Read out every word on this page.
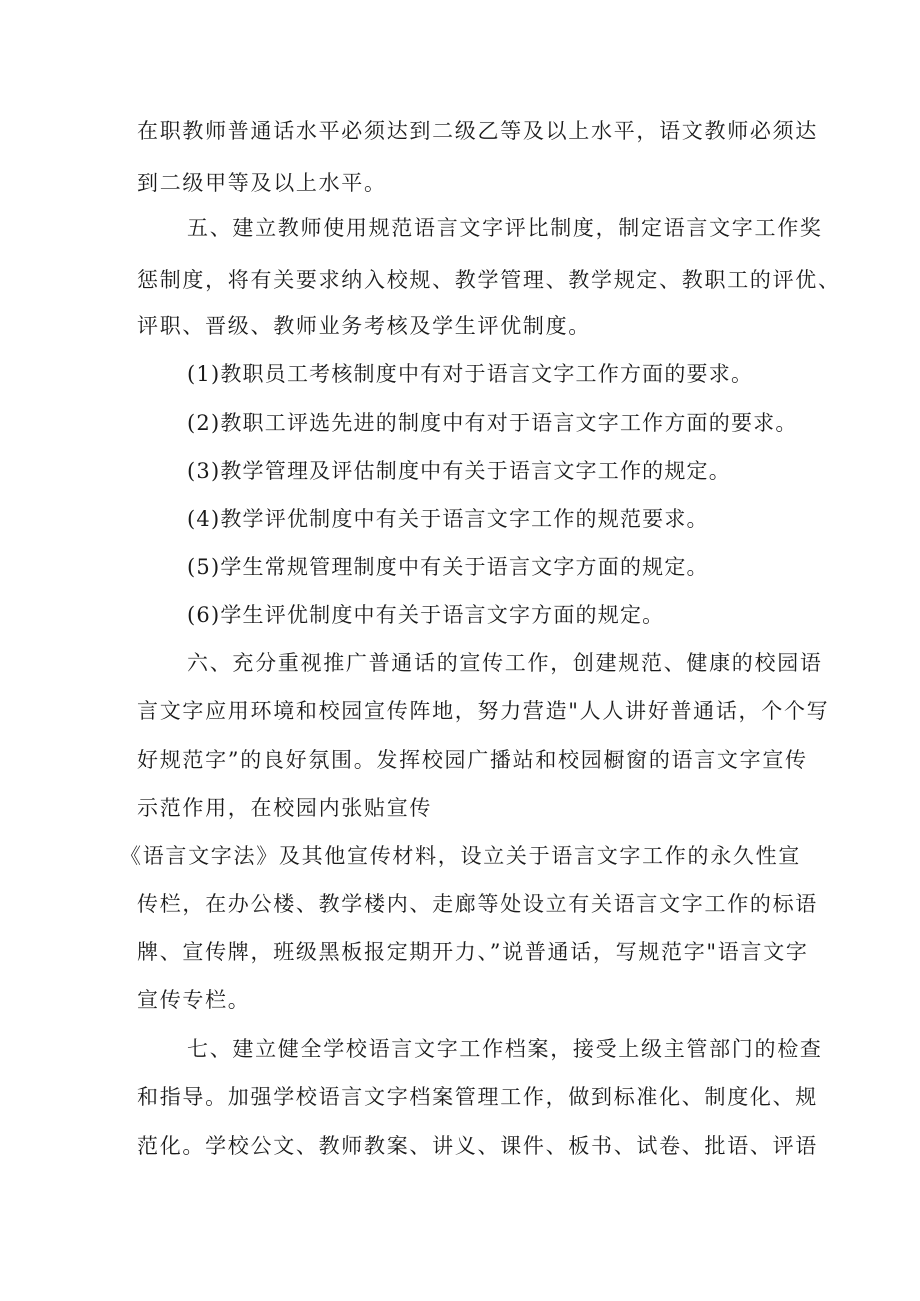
在职教师普通话水平必须达到二级乙等及以上水平，语文教师必须达
到二级甲等及以上水平。
五、建立教师使用规范语言文字评比制度，制定语言文字工作奖
惩制度，将有关要求纳入校规、教学管理、教学规定、教职工的评优、
评职、晋级、教师业务考核及学生评优制度。
(1)教职员工考核制度中有对于语言文字工作方面的要求。
(2)教职工评选先进的制度中有对于语言文字工作方面的要求。
(3)教学管理及评估制度中有关于语言文字工作的规定。
(4)教学评优制度中有关于语言文字工作的规范要求。
(5)学生常规管理制度中有关于语言文字方面的规定。
(6)学生评优制度中有关于语言文字方面的规定。
六、充分重视推广普通话的宣传工作，创建规范、健康的校园语
言文字应用环境和校园宣传阵地，努力营造"人人讲好普通话，个个写
好规范字”的良好氛围。发挥校园广播站和校园橱窗的语言文字宣传
示范作用，在校园内张贴宣传
《语言文字法》及其他宣传材料，设立关于语言文字工作的永久性宣
传栏，在办公楼、教学楼内、走廊等处设立有关语言文字工作的标语
牌、宣传牌，班级黑板报定期开力、”说普通话，写规范字"语言文字
宣传专栏。
七、建立健全学校语言文字工作档案，接受上级主管部门的检查
和指导。加强学校语言文字档案管理工作，做到标准化、制度化、规
范化。学校公文、教师教案、讲义、课件、板书、试卷、批语、评语
